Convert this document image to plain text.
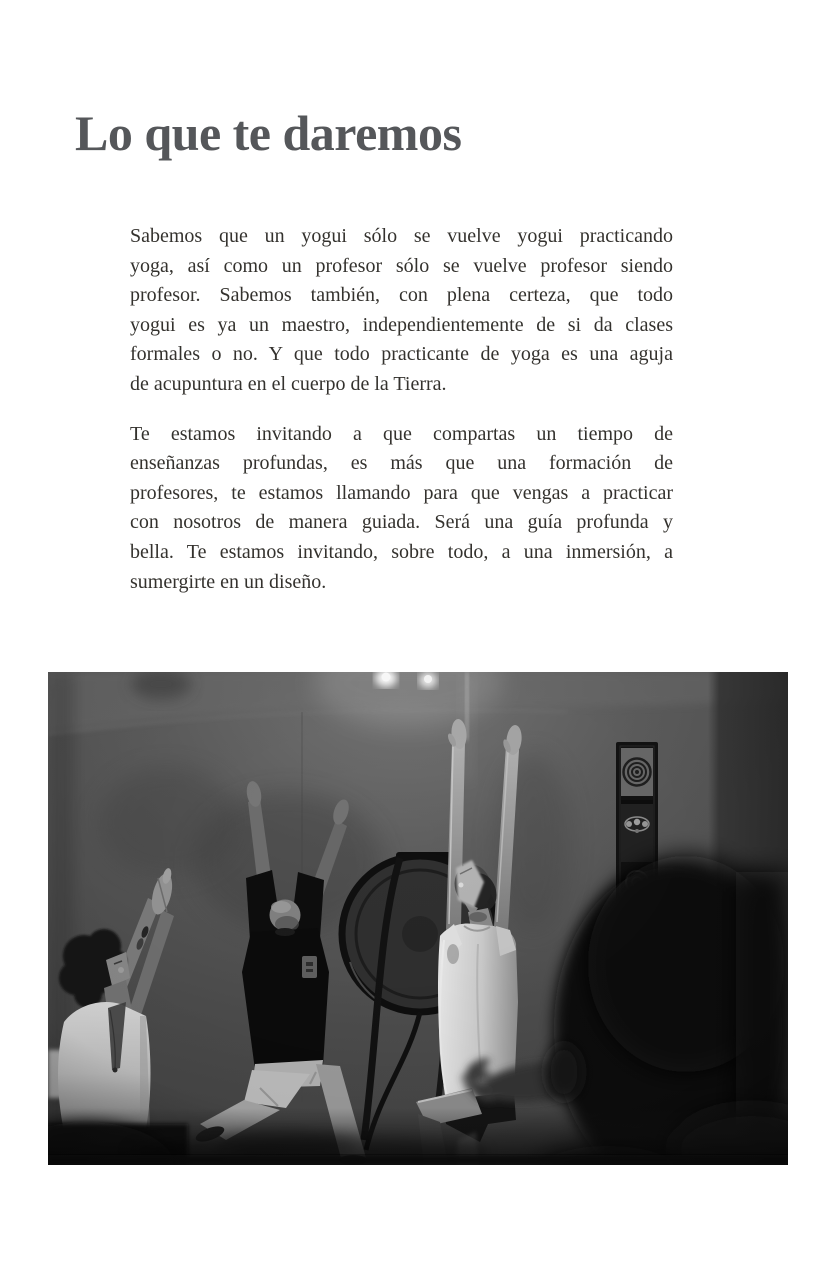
Lo que te daremos
Sabemos que un yogui sólo se vuelve yogui practicando
yoga, así como un profesor sólo se vuelve profesor siendo
profesor. Sabemos también, con plena certeza, que todo
yogui es ya un maestro, independientemente de si da clases
formales o no. Y que todo practicante de yoga es una aguja
de acupuntura en el cuerpo de la Tierra.
Te estamos invitando a que compartas un tiempo de
enseñanzas profundas, es más que una formación de
profesores, te estamos llamando para que vengas a practicar
con nosotros de manera guiada. Será una guía profunda y
bella. Te estamos invitando, sobre todo, a una inmersión, a
sumergirte en un diseño.
